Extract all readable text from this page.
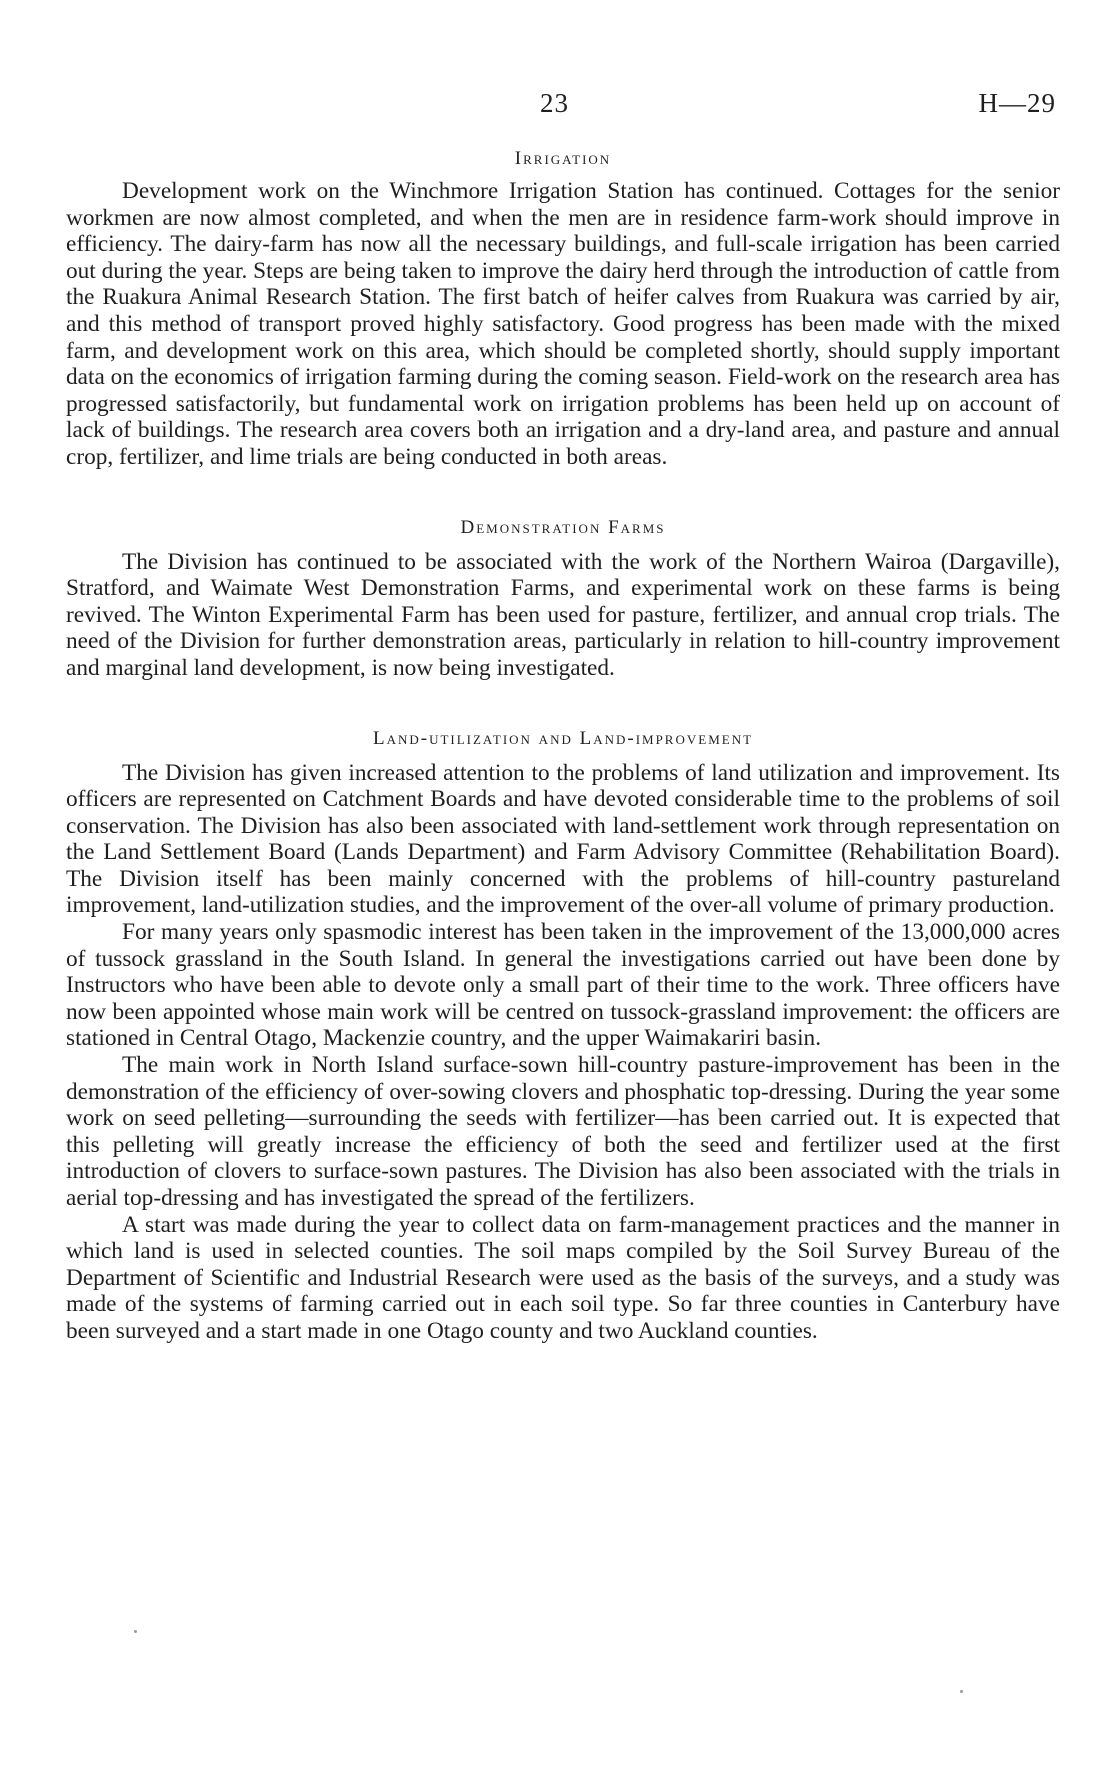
23	H—29
Irrigation

Development work on the Winchmore Irrigation Station has continued. Cottages for the senior workmen are now almost completed, and when the men are in residence farm-work should improve in efficiency. The dairy-farm has now all the necessary buildings, and full-scale irrigation has been carried out during the year. Steps are being taken to improve the dairy herd through the introduction of cattle from the Ruakura Animal Research Station. The first batch of heifer calves from Ruakura was carried by air, and this method of transport proved highly satisfactory. Good progress has been made with the mixed farm, and development work on this area, which should be completed shortly, should supply important data on the economics of irrigation farming during the coming season. Field-work on the research area has progressed satisfactorily, but fundamental work on irrigation problems has been held up on account of lack of buildings. The research area covers both an irrigation and a dry-land area, and pasture and annual crop, fertilizer, and lime trials are being conducted in both areas.

Demonstration Farms

The Division has continued to be associated with the work of the Northern Wairoa (Dargaville), Stratford, and Waimate West Demonstration Farms, and experimental work on these farms is being revived. The Winton Experimental Farm has been used for pasture, fertilizer, and annual crop trials. The need of the Division for further demonstration areas, particularly in relation to hill-country improvement and marginal land development, is now being investigated.

Land-utilization and Land-improvement

The Division has given increased attention to the problems of land utilization and improvement. Its officers are represented on Catchment Boards and have devoted considerable time to the problems of soil conservation. The Division has also been associated with land-settlement work through representation on the Land Settlement Board (Lands Department) and Farm Advisory Committee (Rehabilitation Board). The Division itself has been mainly concerned with the problems of hill-country pastureland improvement, land-utilization studies, and the improvement of the over-all volume of primary production.

For many years only spasmodic interest has been taken in the improvement of the 13,000,000 acres of tussock grassland in the South Island. In general the investigations carried out have been done by Instructors who have been able to devote only a small part of their time to the work. Three officers have now been appointed whose main work will be centred on tussock-grassland improvement: the officers are stationed in Central Otago, Mackenzie country, and the upper Waimakariri basin.

The main work in North Island surface-sown hill-country pasture-improvement has been in the demonstration of the efficiency of over-sowing clovers and phosphatic top-dressing. During the year some work on seed pelleting—surrounding the seeds with fertilizer—has been carried out. It is expected that this pelleting will greatly increase the efficiency of both the seed and fertilizer used at the first introduction of clovers to surface-sown pastures. The Division has also been associated with the trials in aerial top-dressing and has investigated the spread of the fertilizers.

A start was made during the year to collect data on farm-management practices and the manner in which land is used in selected counties. The soil maps compiled by the Soil Survey Bureau of the Department of Scientific and Industrial Research were used as the basis of the surveys, and a study was made of the systems of farming carried out in each soil type. So far three counties in Canterbury have been surveyed and a start made in one Otago county and two Auckland counties.
